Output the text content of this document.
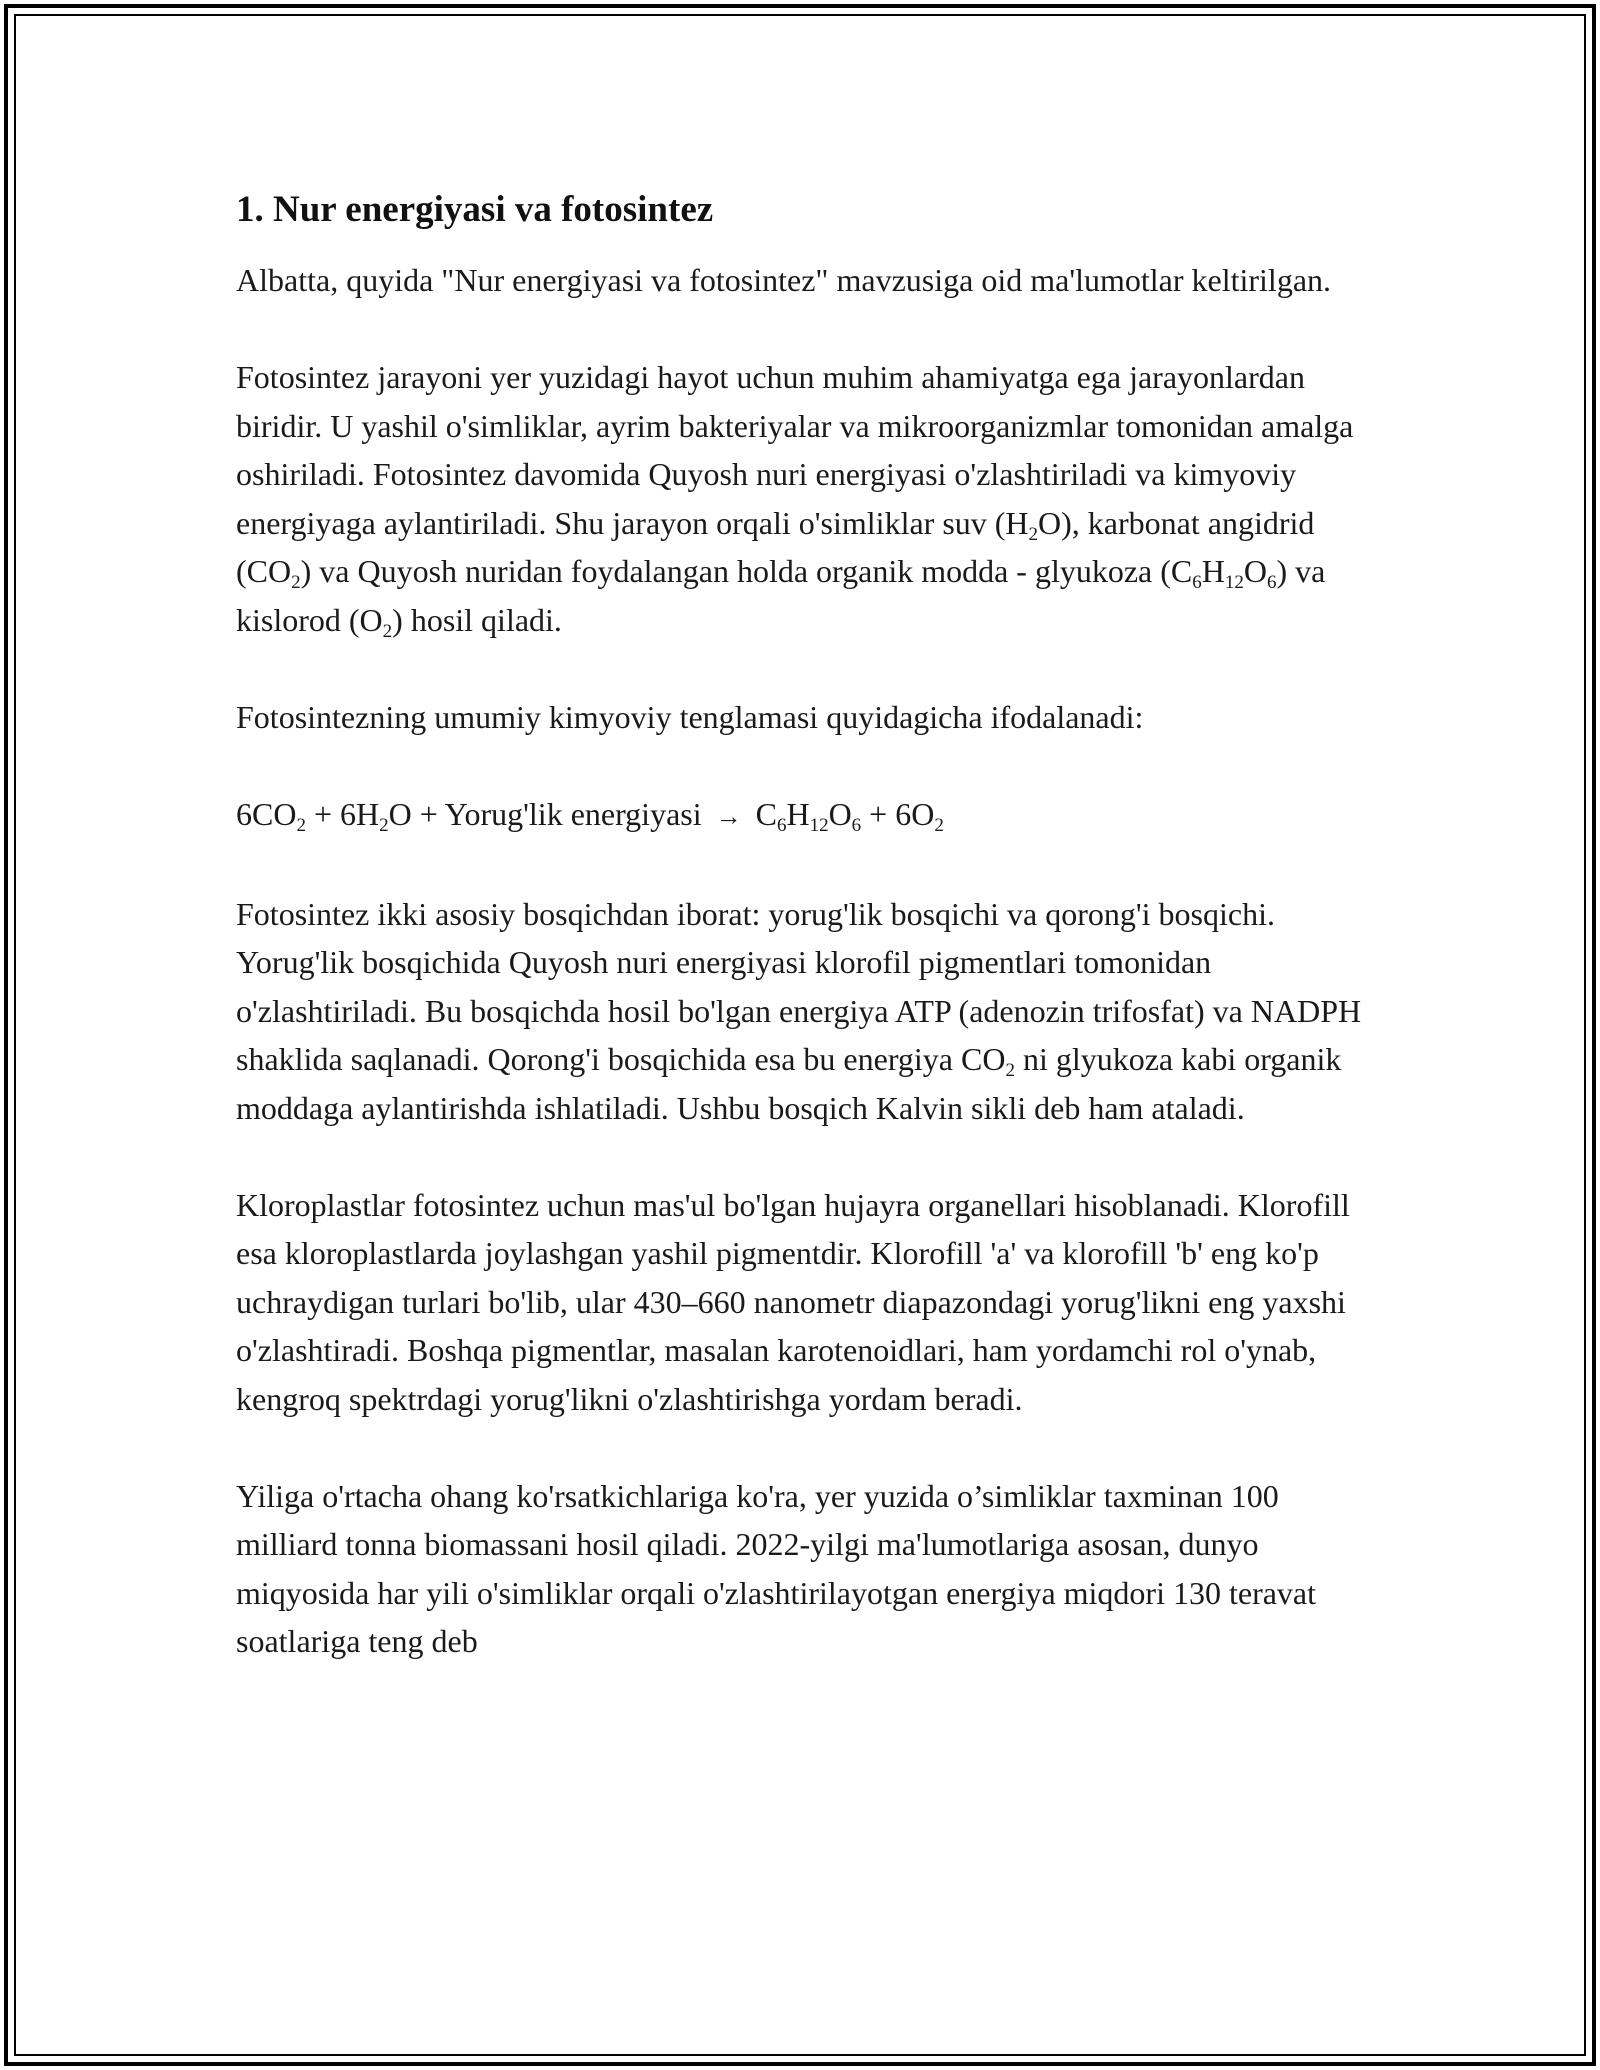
1. Nur energiyasi va fotosintez

Albatta, quyida "Nur energiyasi va fotosintez" mavzusiga oid ma'lumotlar keltirilgan.

Fotosintez jarayoni yer yuzidagi hayot uchun muhim ahamiyatga ega jarayonlardan biridir. U yashil o'simliklar, ayrim bakteriyalar va mikroorganizmlar tomonidan amalga oshiriladi. Fotosintez davomida Quyosh nuri energiyasi o'zlashtiriladi va kimyoviy energiyaga aylantiriladi. Shu jarayon orqali o'simliklar suv $(H_2O)$, karbonat angidrid $(CO_2)$ va Quyosh nuridan foydalangan holda organik modda - glyukoza $(C_6H_{12}O_6)$ va kislorod $(O_2)$ hosil qiladi.

Fotosintezning umumiy kimyoviy tenglamasi quyidagicha ifodalanadi:

$6CO_2 + 6H_2O$ + Yorug'lik energiyasi → $C_6H_{12}O_6 + 6O_2$

Fotosintez ikki asosiy bosqichdan iborat: yorug'lik bosqichi va qorong'i bosqichi. Yorug'lik bosqichida Quyosh nuri energiyasi klorofil pigmentlari tomonidan o'zlashtiriladi. Bu bosqichda hosil bo'lgan energiya ATP (adenozin trifosfat) va NADPH shaklida saqlanadi. Qorong'i bosqichida esa bu energiya $CO_2$ ni glyukoza kabi organik moddaga aylantirishda ishlatiladi. Ushbu bosqich Kalvin sikli deb ham ataladi.

Kloroplastlar fotosintez uchun mas'ul bo'lgan hujayra organellari hisoblanadi. Klorofill esa kloroplastlarda joylashgan yashil pigmentdir. Klorofill 'a' va klorofill 'b' eng ko'p uchraydigan turlari bo'lib, ular 430–660 nanometr diapazondagi yorug'likni eng yaxshi o'zlashtiradi. Boshqa pigmentlar, masalan karotenoidlari, ham yordamchi rol o'ynab, kengroq spektrdagi yorug'likni o'zlashtirishga yordam beradi.

Yiliga o'rtacha ohang ko'rsatkichlariga ko'ra, yer yuzida o’simliklar taxminan 100 milliard tonna biomassani hosil qiladi. 2022-yilgi ma'lumotlariga asosan, dunyo miqyosida har yili o'simliklar orqali o'zlashtirilayotgan energiya miqdori 130 teravat soatlariga teng deb
